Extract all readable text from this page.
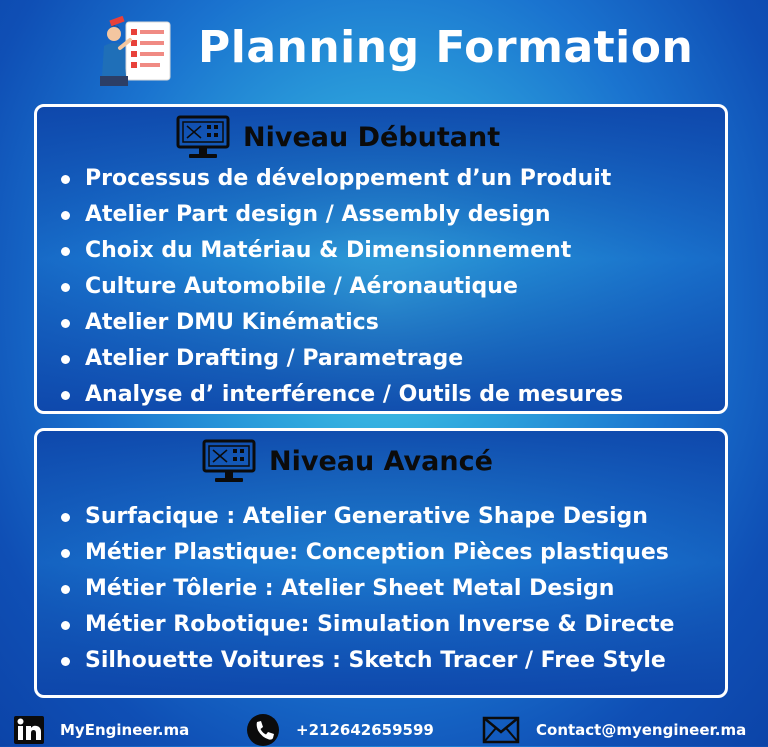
Planning Formation
Niveau Débutant
Processus de développement d’un Produit
Atelier Part design / Assembly design
Choix du Matériau & Dimensionnement
Culture Automobile / Aéronautique
Atelier DMU Kinématics
Atelier Drafting / Parametrage
Analyse d’ interférence / Outils de mesures
Niveau Avancé
Surfacique : Atelier Generative Shape Design
Métier Plastique: Conception Pièces plastiques
Métier Tôlerie : Atelier Sheet Metal Design
Métier Robotique: Simulation Inverse & Directe
Silhouette Voitures : Sketch Tracer / Free Style
MyEngineer.ma	+212642659599	Contact@myengineer.ma
